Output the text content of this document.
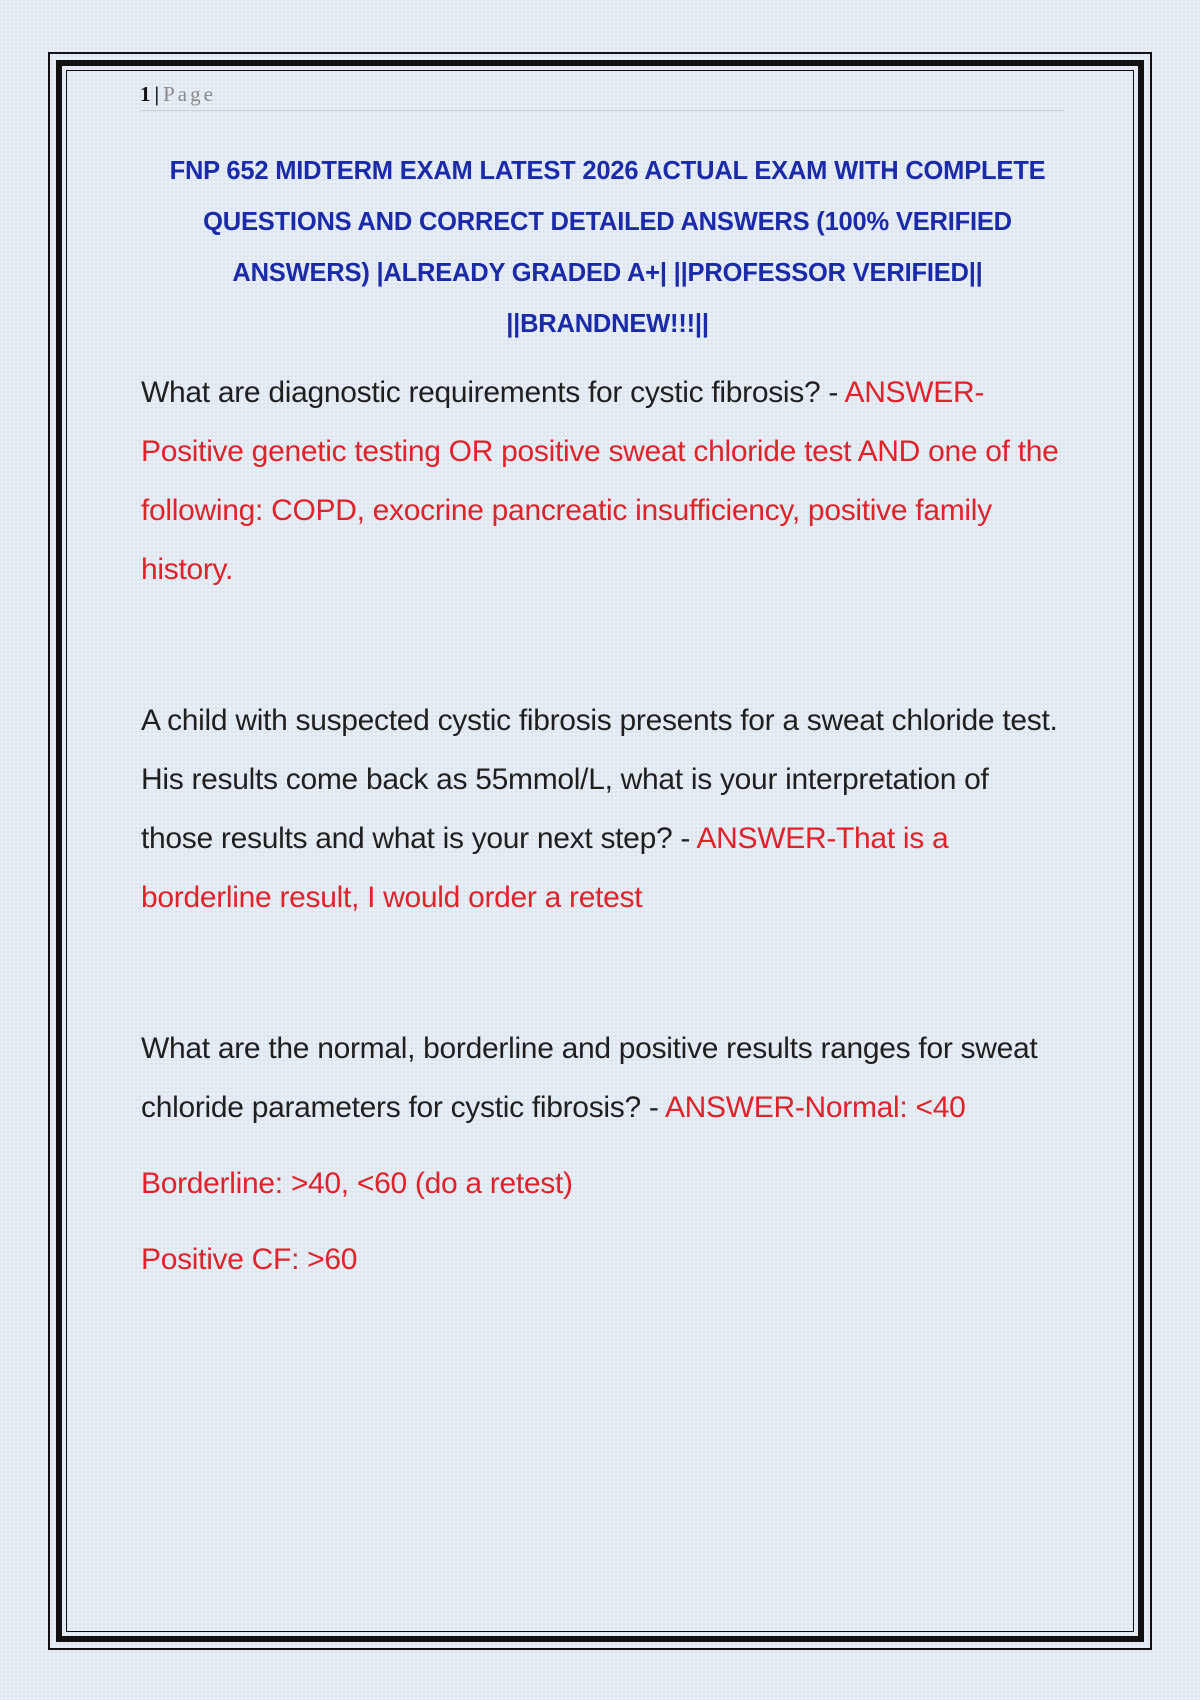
1 | Page
FNP 652 MIDTERM EXAM LATEST 2026 ACTUAL EXAM WITH COMPLETE QUESTIONS AND CORRECT DETAILED ANSWERS (100% VERIFIED ANSWERS) |ALREADY GRADED A+| ||PROFESSOR VERIFIED|| ||BRANDNEW!!!||

What are diagnostic requirements for cystic fibrosis? - ANSWER-Positive genetic testing OR positive sweat chloride test AND one of the following: COPD, exocrine pancreatic insufficiency, positive family history.

A child with suspected cystic fibrosis presents for a sweat chloride test. His results come back as 55mmol/L, what is your interpretation of those results and what is your next step? - ANSWER-That is a borderline result, I would order a retest

What are the normal, borderline and positive results ranges for sweat chloride parameters for cystic fibrosis? - ANSWER-Normal: <40

Borderline: >40, <60 (do a retest)

Positive CF: >60
